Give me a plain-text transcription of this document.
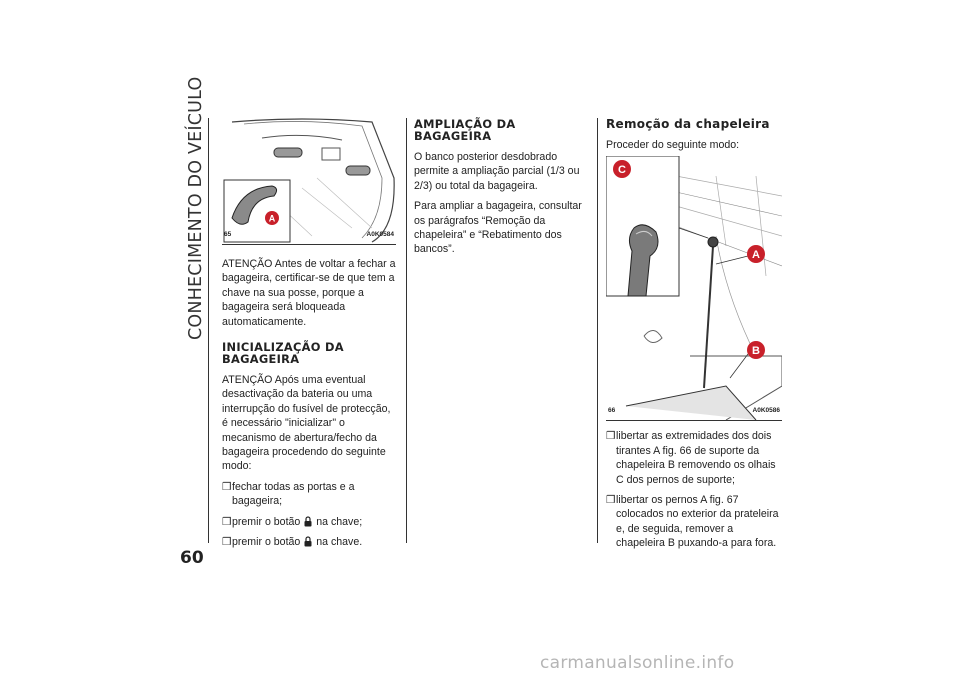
CONHECIMENTO DO VEÍCULO
60
A
65	A0K0584

ATENÇÃO Antes de voltar a fechar a bagageira, certificar-se de que tem a chave na sua posse, porque a bagageira será bloqueada automaticamente.

INICIALIZAÇÃO DA BAGAGEIRA

ATENÇÃO Após uma eventual desactivação da bateria ou uma interrupção do fusível de protecção, é necessário "inicializar" o mecanismo de abertura/fecho da bagageira procedendo do seguinte modo:

❒ fechar todas as portas e a bagageira;
❒ premir o botão na chave;
❒ premir o botão na chave.
AMPLIAÇÃO DA BAGAGEIRA

O banco posterior desdobrado permite a ampliação parcial (1/3 ou 2/3) ou total da bagageira.

Para ampliar a bagageira, consultar os parágrafos “Remoção da chapeleira” e “Rebatimento dos bancos”.

Remoção da chapeleira

Proceder do seguinte modo:

C
A
B
66	A0K0586
❒ libertar as extremidades dos dois tirantes A fig. 66 de suporte da chapeleira B removendo os olhais C dos pernos de suporte;
❒ libertar os pernos A fig. 67 colocados no exterior da prateleira e, de seguida, remover a chapeleira B puxando-a para fora.
carmanualsonline.info
